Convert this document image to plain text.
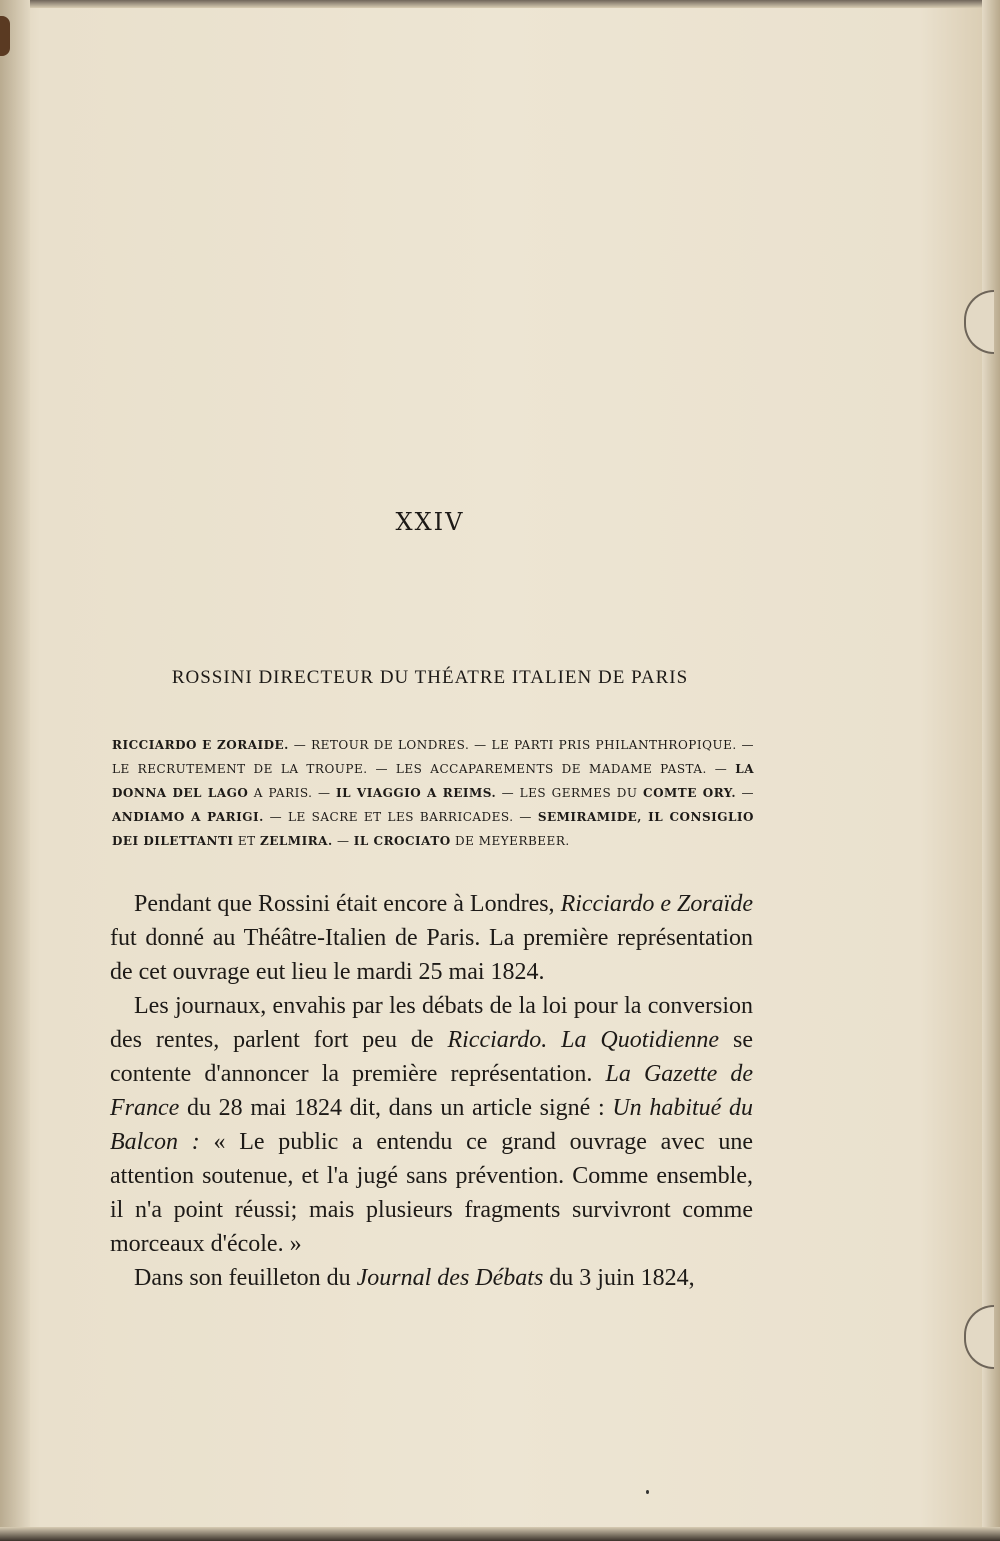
XXIV
ROSSINI DIRECTEUR DU THÉATRE ITALIEN DE PARIS
RICCIARDO E ZORAIDE. — RETOUR DE LONDRES. — LE PARTI PRIS PHILANTHROPIQUE. — LE RECRUTEMENT DE LA TROUPE. — LES ACCAPAREMENTS DE MADAME PASTA. — LA DONNA DEL LAGO A PARIS. — IL VIAGGIO A REIMS. — LES GERMES DU COMTE ORY. — ANDIAMO A PARIGI. — LE SACRE ET LES BARRICADES. — SEMIRAMIDE, IL CONSIGLIO DEI DILETTANTI ET ZELMIRA. — IL CROCIATO DE MEYERBEER.

Pendant que Rossini était encore à Londres, Ricciardo e Zoraïde fut donné au Théâtre-Italien de Paris. La première représentation de cet ouvrage eut lieu le mardi 25 mai 1824.

Les journaux, envahis par les débats de la loi pour la conversion des rentes, parlent fort peu de Ricciardo. La Quotidienne se contente d'annoncer la première représentation. La Gazette de France du 28 mai 1824 dit, dans un article signé : Un habitué du Balcon : « Le public a entendu ce grand ouvrage avec une attention soutenue, et l'a jugé sans prévention. Comme ensemble, il n'a point réussi; mais plusieurs fragments survivront comme morceaux d'école. »

Dans son feuilleton du Journal des Débats du 3 juin 1824,
